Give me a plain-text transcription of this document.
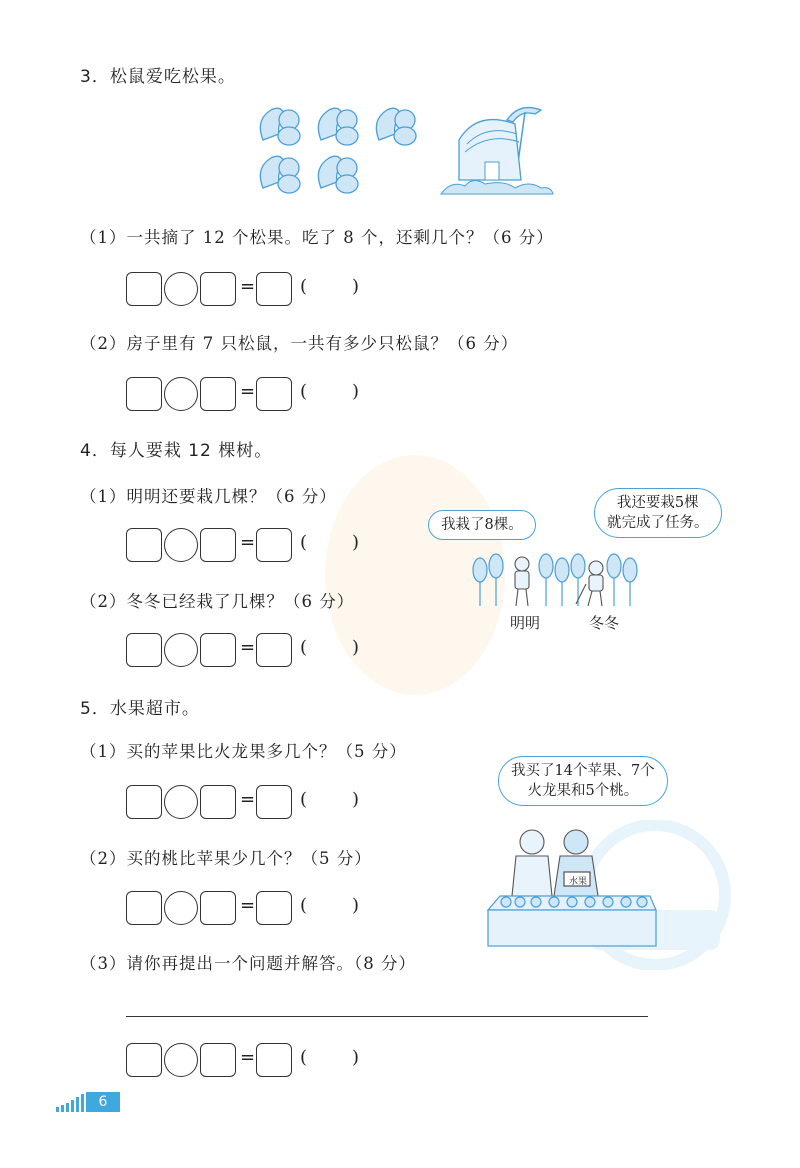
3．松鼠爱吃松果。
（1）一共摘了 12 个松果。吃了 8 个，还剩几个？（6 分）
= ( )
（2）房子里有 7 只松鼠，一共有多少只松鼠？（6 分）
= ( )
4．每人要栽 12 棵树。
（1）明明还要栽几棵？（6 分）
= ( )
（2）冬冬已经栽了几棵？（6 分）
= ( )
我栽了8棵。
我还要栽5棵
就完成了任务。
明明	冬冬
5．水果超市。
（1）买的苹果比火龙果多几个？（5 分）
= ( )
（2）买的桃比苹果少几个？（5 分）
= ( )
（3）请你再提出一个问题并解答。（8 分）
= ( )
我买了14个苹果、7个
火龙果和5个桃。
水果
6
